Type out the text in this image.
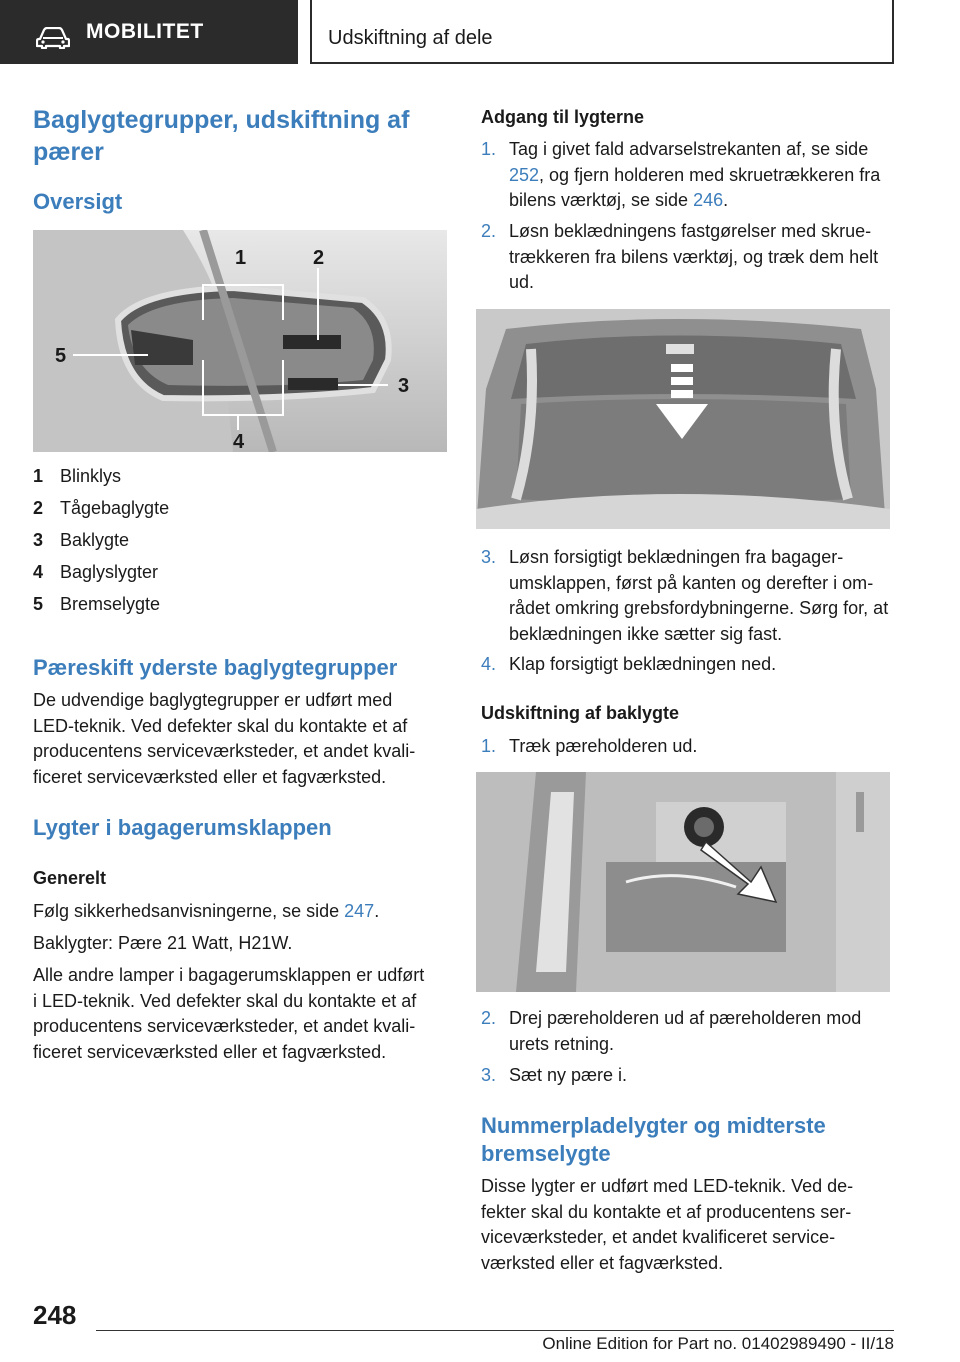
MOBILITET	Udskiftning af dele
Baglygtegrupper, udskiftning af
pærer
Oversigt
1	2
3
4
5
1 Blinklys
2 Tågebaglygte
3 Baklygte
4 Baglyslygter
5 Bremselygte
Pæreskift yderste baglygtegrupper
De udvendige baglygtegrupper er udført med
LED-teknik. Ved defekter skal du kontakte et af
producentens serviceværksteder, et andet kvali-
ficeret serviceværksted eller et fagværksted.
Lygter i bagagerumsklappen
Generelt
Følg sikkerhedsanvisningerne, se side 247.
Baklygter: Pære 21 Watt, H21W.
Alle andre lamper i bagagerumsklappen er udført
i LED-teknik. Ved defekter skal du kontakte et af
producentens serviceværksteder, et andet kvali-
ficeret serviceværksted eller et fagværksted.
Adgang til lygterne
1. Tag i givet fald advarselstrekanten af, se side 252, og fjern holderen med skruetrækkeren fra bilens værktøj, se side 246.
2. Løsn beklædningens fastgørelser med skruetrækkeren fra bilens værktøj, og træk dem helt ud.
3. Løsn forsigtigt beklædningen fra bagagerumsklappen, først på kanten og derefter i området omkring grebsfordybningerne. Sørg for, at beklædningen ikke sætter sig fast.
4. Klap forsigtigt beklædningen ned.
Udskiftning af baklygte
1. Træk pæreholderen ud.
2. Drej pæreholderen ud af pæreholderen mod urets retning.
3. Sæt ny pære i.
Nummerpladelygter og midterste
bremselygte
Disse lygter er udført med LED-teknik. Ved de-
fekter skal du kontakte et af producentens ser-
viceværksteder, et andet kvalificeret service-
værksted eller et fagværksted.
248
Online Edition for Part no. 01402989490 - II/18
